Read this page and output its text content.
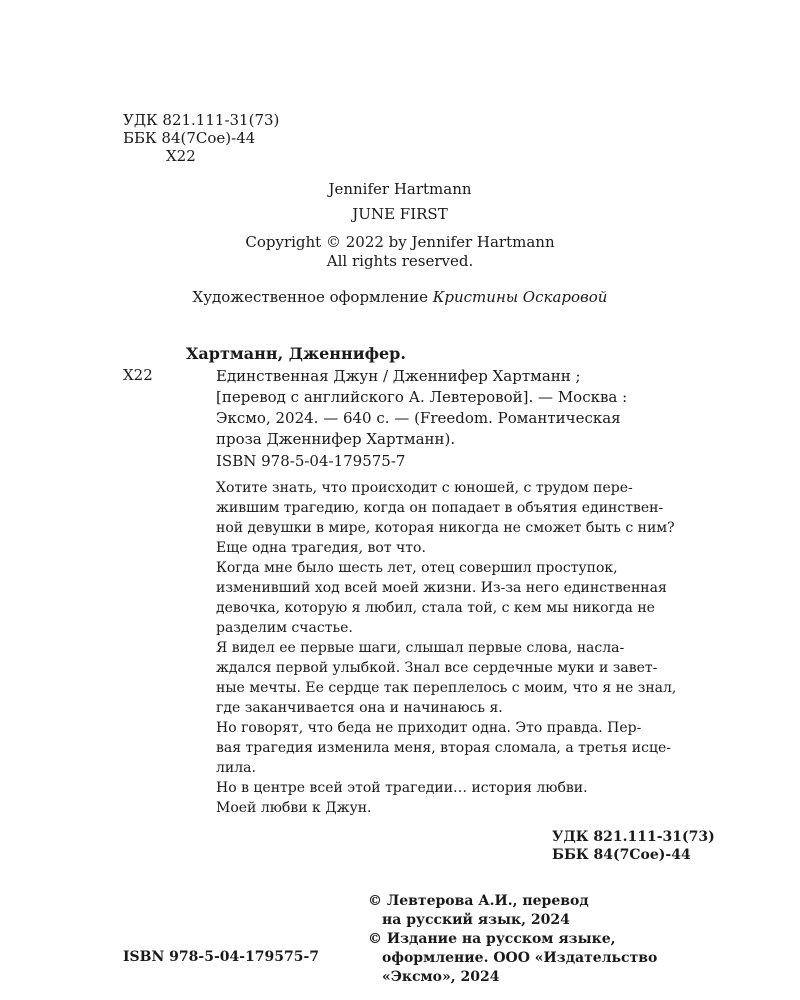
УДК 821.111-31(73)
ББК 84(7Сое)-44
Х22
Jennifer Hartmann
JUNE FIRST
Copyright © 2022 by Jennifer Hartmann
All rights reserved.
Художественное оформление Кристины Оскаровой
Хартманн, Дженнифер.
Х22	Единственная Джун / Дженнифер Хартманн ;
[перевод с английского А. Левтеровой]. — Москва :
Эксмо, 2024. — 640 с. — (Freedom. Романтическая
проза Дженнифер Хартманн).
ISBN 978-5-04-179575-7
Хотите знать, что происходит с юношей, с трудом пере-
жившим трагедию, когда он попадает в объятия единствен-
ной девушки в мире, которая никогда не сможет быть с ним?
Еще одна трагедия, вот что.
Когда мне было шесть лет, отец совершил проступок,
изменивший ход всей моей жизни. Из-за него единственная
девочка, которую я любил, стала той, с кем мы никогда не
разделим счастье.
Я видел ее первые шаги, слышал первые слова, насла-
ждался первой улыбкой. Знал все сердечные муки и завет-
ные мечты. Ее сердце так переплелось с моим, что я не знал,
где заканчивается она и начинаюсь я.
Но говорят, что беда не приходит одна. Это правда. Пер-
вая трагедия изменила меня, вторая сломала, а третья исце-
лила.
Но в центре всей этой трагедии… история любви.
Моей любви к Джун.
УДК 821.111-31(73)
ББК 84(7Сое)-44
© Левтерова А.И., перевод
на русский язык, 2024
© Издание на русском языке,
оформление. ООО «Издательство
«Эксмо», 2024
ISBN 978-5-04-179575-7
